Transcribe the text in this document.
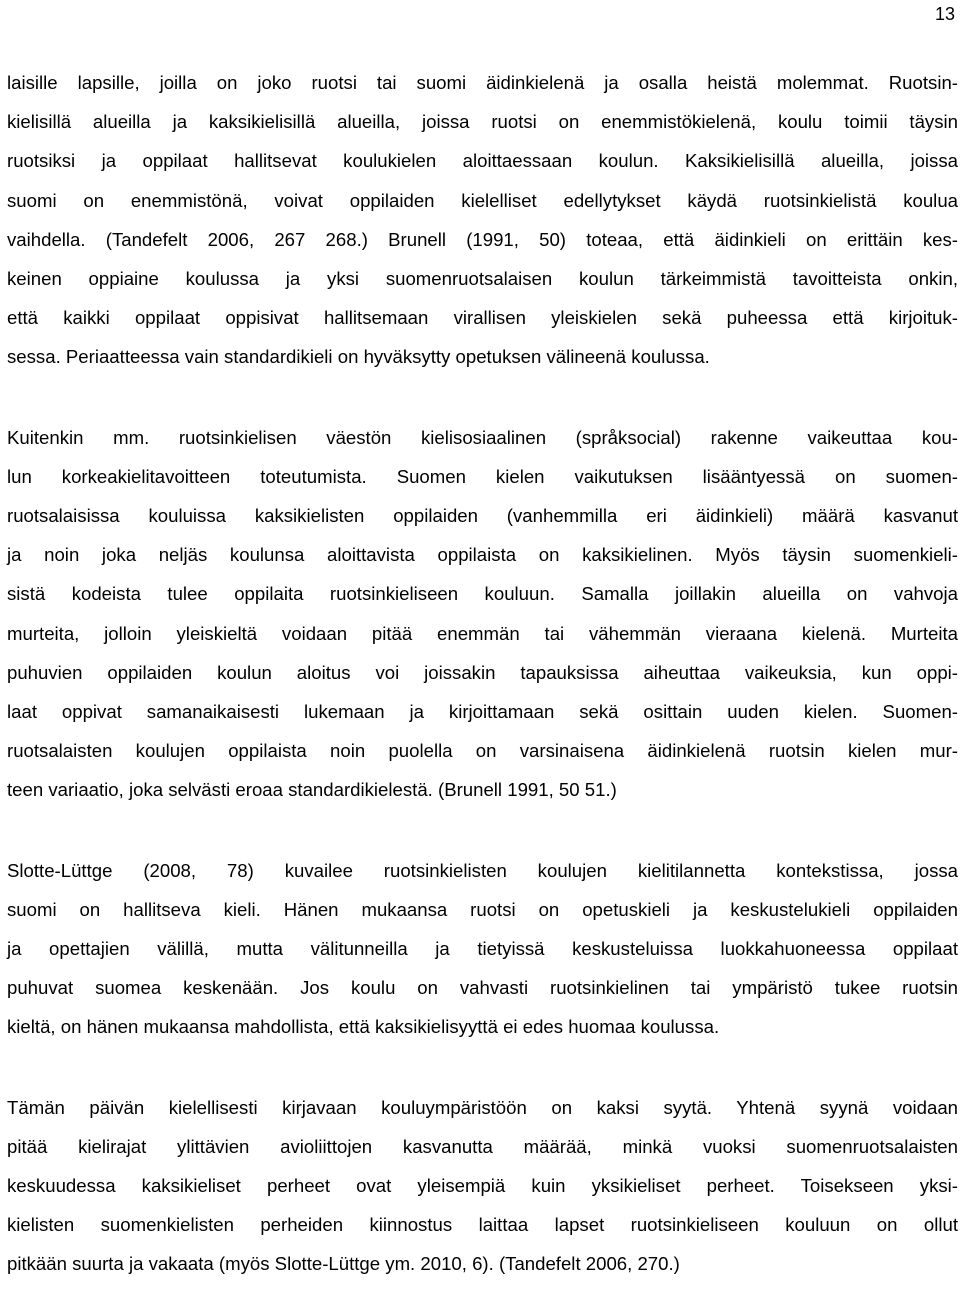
13
laisille lapsille, joilla on joko ruotsi tai suomi äidinkielenä ja osalla heistä molemmat. Ruotsin-
kielisillä alueilla ja kaksikielisillä alueilla, joissa ruotsi on enemmistökielenä, koulu toimii täysin
ruotsiksi ja oppilaat hallitsevat koulukielen aloittaessaan koulun. Kaksikielisillä alueilla, joissa
suomi on enemmistönä, voivat oppilaiden kielelliset edellytykset käydä ruotsinkielistä koulua
vaihdella. (Tandefelt 2006, 267 268.) Brunell (1991, 50) toteaa, että äidinkieli on erittäin kes-
keinen oppiaine koulussa ja yksi suomenruotsalaisen koulun tärkeimmistä tavoitteista onkin,
että kaikki oppilaat oppisivat hallitsemaan virallisen yleiskielen sekä puheessa että kirjoituk-
sessa. Periaatteessa vain standardikieli on hyväksytty opetuksen välineenä koulussa.
Kuitenkin mm. ruotsinkielisen väestön kielisosiaalinen (språksocial) rakenne vaikeuttaa kou-
lun korkeakielitavoitteen toteutumista. Suomen kielen vaikutuksen lisääntyessä on suomen-
ruotsalaisissa kouluissa kaksikielisten oppilaiden (vanhemmilla eri äidinkieli) määrä kasvanut
ja noin joka neljäs koulunsa aloittavista oppilaista on kaksikielinen. Myös täysin suomenkieli-
sistä kodeista tulee oppilaita ruotsinkieliseen kouluun. Samalla joillakin alueilla on vahvoja
murteita, jolloin yleiskieltä voidaan pitää enemmän tai vähemmän vieraana kielenä. Murteita
puhuvien oppilaiden koulun aloitus voi joissakin tapauksissa aiheuttaa vaikeuksia, kun oppi-
laat oppivat samanaikaisesti lukemaan ja kirjoittamaan sekä osittain uuden kielen. Suomen-
ruotsalaisten koulujen oppilaista noin puolella on varsinaisena äidinkielenä ruotsin kielen mur-
teen variaatio, joka selvästi eroaa standardikielestä. (Brunell 1991, 50 51.)
Slotte-Lüttge (2008, 78) kuvailee ruotsinkielisten koulujen kielitilannetta kontekstissa, jossa
suomi on hallitseva kieli. Hänen mukaansa ruotsi on opetuskieli ja keskustelukieli oppilaiden
ja opettajien välillä, mutta välitunneilla ja tietyissä keskusteluissa luokkahuoneessa oppilaat
puhuvat suomea keskenään. Jos koulu on vahvasti ruotsinkielinen tai ympäristö tukee ruotsin
kieltä, on hänen mukaansa mahdollista, että kaksikielisyyttä ei edes huomaa koulussa.
Tämän päivän kielellisesti kirjavaan kouluympäristöön on kaksi syytä. Yhtenä syynä voidaan
pitää kielirajat ylittävien avioliittojen kasvanutta määrää, minkä vuoksi suomenruotsalaisten
keskuudessa kaksikieliset perheet ovat yleisempiä kuin yksikieliset perheet. Toisekseen yksi-
kielisten suomenkielisten perheiden kiinnostus laittaa lapset ruotsinkieliseen kouluun on ollut
pitkään suurta ja vakaata (myös Slotte-Lüttge ym. 2010, 6). (Tandefelt 2006, 270.)
